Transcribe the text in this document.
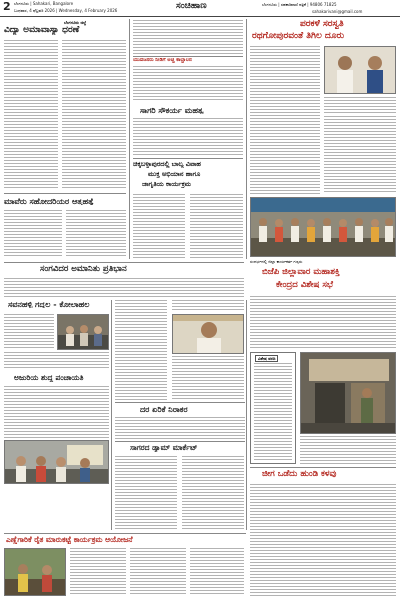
2 ಬೆಂಗಳೂರು | Sahakari, Bangalore
ಬುಧವಾರ, 4 ಫೆಬ್ರವರಿ 2026 | Wednesday, 4 February 2026	ಸಂಚಿಹಾಣ	ಬೆಂಗಳೂರು | ಸಹಕಾರಿವಾಣಿ ಪತ್ರಿಕೆ | 94806 71825
sahakarivani@gmail.com
ಬೆಂಗಳೂರು ಜಿಲ್ಲೆ
ವಿದ್ಯಾ ಅಮಾವಾಸ್ಯಾ ಧರಣೆ
ಮಾವೆರು ಸಹೋದರಿಯರ ಆತ್ಮಹತ್ಯೆ
ಯುವಜನರು ನೀಡಿಗೆ ಅಚ್ಚ ಕಾಲ್ಚಾಲನ
ಸಾಗರಿ ಸೌಕರ್ಯ ಮಹತ್ವ
ಚಿಕ್ಕಬಳ್ಳಾಪುರದಲ್ಲಿ ಬಾಲ್ಯ ವಿವಾಹ
ಮುಕ್ತ ಅಭಿಯಾನ ಹಾಗೂ
ಜಾಗೃತಿಯ ಕಾರ್ಯಕ್ರಮ
ಸಂಗವಿದರ ಅಮಾನಿತು ಪ್ರತಿಭಾನ
ಸವನಹಳ್ಳಿ ಗದ್ದಲ - ಕೋಲಾಹಲ
ಅಜುರಿಯ ಶುದ್ಧ ಪಂಚಾಯತಿ
ದರ ಏರಿಕೆ ನಿರಾಕರ
ಸಾಗರದ ಡ್ಯಾಮ್ ಮಾರ್ಕೆಟ್
ಪರಕಳೆ ಸರಸ್ವತಿ
ರಥಗೋಪುರವಂತೆ ತಿಗಿಲ ದೂರು
ಸಂದರ್ಭದಲ್ಲಿ ಜಿಲ್ಲಾ ಕಾರ್ಯಕರ್ತ ಗಣ್ಯರು
ಬಿಜೆಪಿ ಜಿಲ್ಲಾವಾರ ಮಹಾಶಕ್ತಿ
ಕೇಂದ್ರದ ವಿಶೇಷ ಸಭೆ
ವಿಶೇಷ ವರದಿ
ಜೀಗ ಒಡೆದು ಹುಂಡಿ ಕಳವು
ಎಣ್ಣೆಗಾರಿಕೆ ರೈತ ಮಾರುಕಟ್ಟೆ ಕಾರ್ಯಕ್ರಮ ಆಯೋಜನೆ
